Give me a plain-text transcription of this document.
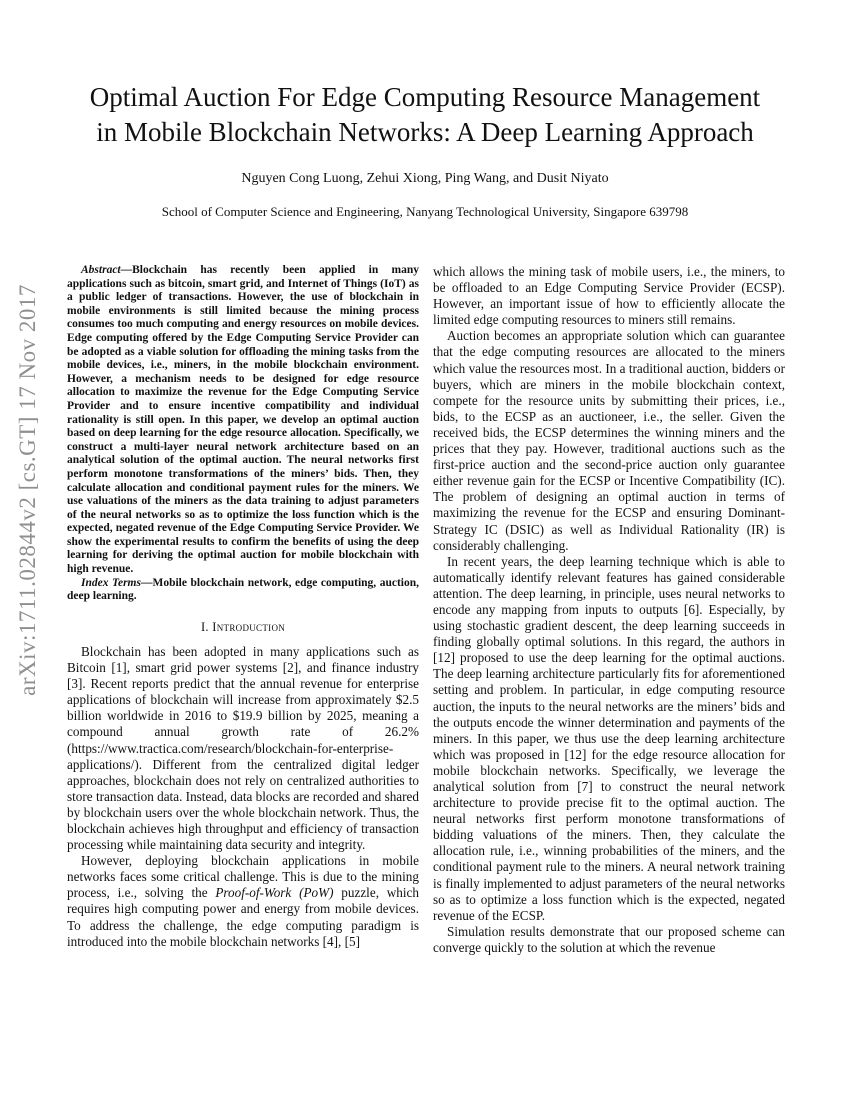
arXiv:1711.02844v2 [cs.GT] 17 Nov 2017
Optimal Auction For Edge Computing Resource Management
in Mobile Blockchain Networks: A Deep Learning Approach
Nguyen Cong Luong, Zehui Xiong, Ping Wang, and Dusit Niyato
School of Computer Science and Engineering, Nanyang Technological University, Singapore 639798

Abstract—Blockchain has recently been applied in many applications such as bitcoin, smart grid, and Internet of Things (IoT) as a public ledger of transactions. However, the use of blockchain in mobile environments is still limited because the mining process consumes too much computing and energy resources on mobile devices. Edge computing offered by the Edge Computing Service Provider can be adopted as a viable solution for offloading the mining tasks from the mobile devices, i.e., miners, in the mobile blockchain environment. However, a mechanism needs to be designed for edge resource allocation to maximize the revenue for the Edge Computing Service Provider and to ensure incentive compatibility and individual rationality is still open. In this paper, we develop an optimal auction based on deep learning for the edge resource allocation. Specifically, we construct a multi-layer neural network architecture based on an analytical solution of the optimal auction. The neural networks first perform monotone transformations of the miners’ bids. Then, they calculate allocation and conditional payment rules for the miners. We use valuations of the miners as the data training to adjust parameters of the neural networks so as to optimize the loss function which is the expected, negated revenue of the Edge Computing Service Provider. We show the experimental results to confirm the benefits of using the deep learning for deriving the optimal auction for mobile blockchain with high revenue.

Index Terms—Mobile blockchain network, edge computing, auction, deep learning.

I. Introduction

Blockchain has been adopted in many applications such as Bitcoin [1], smart grid power systems [2], and finance industry [3]. Recent reports predict that the annual revenue for enterprise applications of blockchain will increase from approximately $2.5 billion worldwide in 2016 to $19.9 billion by 2025, meaning a compound annual growth rate of 26.2% (https://www.tractica.com/research/blockchain-for-enterprise-applications/). Different from the centralized digital ledger approaches, blockchain does not rely on centralized authorities to store transaction data. Instead, data blocks are recorded and shared by blockchain users over the whole blockchain network. Thus, the blockchain achieves high throughput and efficiency of transaction processing while maintaining data security and integrity.

However, deploying blockchain applications in mobile networks faces some critical challenge. This is due to the mining process, i.e., solving the Proof-of-Work (PoW) puzzle, which requires high computing power and energy from mobile devices. To address the challenge, the edge computing paradigm is introduced into the mobile blockchain networks [4], [5]

which allows the mining task of mobile users, i.e., the miners, to be offloaded to an Edge Computing Service Provider (ECSP). However, an important issue of how to efficiently allocate the limited edge computing resources to miners still remains.

Auction becomes an appropriate solution which can guarantee that the edge computing resources are allocated to the miners which value the resources most. In a traditional auction, bidders or buyers, which are miners in the mobile blockchain context, compete for the resource units by submitting their prices, i.e., bids, to the ECSP as an auctioneer, i.e., the seller. Given the received bids, the ECSP determines the winning miners and the prices that they pay. However, traditional auctions such as the first-price auction and the second-price auction only guarantee either revenue gain for the ECSP or Incentive Compatibility (IC). The problem of designing an optimal auction in terms of maximizing the revenue for the ECSP and ensuring Dominant-Strategy IC (DSIC) as well as Individual Rationality (IR) is considerably challenging.

In recent years, the deep learning technique which is able to automatically identify relevant features has gained considerable attention. The deep learning, in principle, uses neural networks to encode any mapping from inputs to outputs [6]. Especially, by using stochastic gradient descent, the deep learning succeeds in finding globally optimal solutions. In this regard, the authors in [12] proposed to use the deep learning for the optimal auctions. The deep learning architecture particularly fits for aforementioned setting and problem. In particular, in edge computing resource auction, the inputs to the neural networks are the miners’ bids and the outputs encode the winner determination and payments of the miners. In this paper, we thus use the deep learning architecture which was proposed in [12] for the edge resource allocation for mobile blockchain networks. Specifically, we leverage the analytical solution from [7] to construct the neural network architecture to provide precise fit to the optimal auction. The neural networks first perform monotone transformations of bidding valuations of the miners. Then, they calculate the allocation rule, i.e., winning probabilities of the miners, and the conditional payment rule to the miners. A neural network training is finally implemented to adjust parameters of the neural networks so as to optimize a loss function which is the expected, negated revenue of the ECSP.

Simulation results demonstrate that our proposed scheme can converge quickly to the solution at which the revenue
